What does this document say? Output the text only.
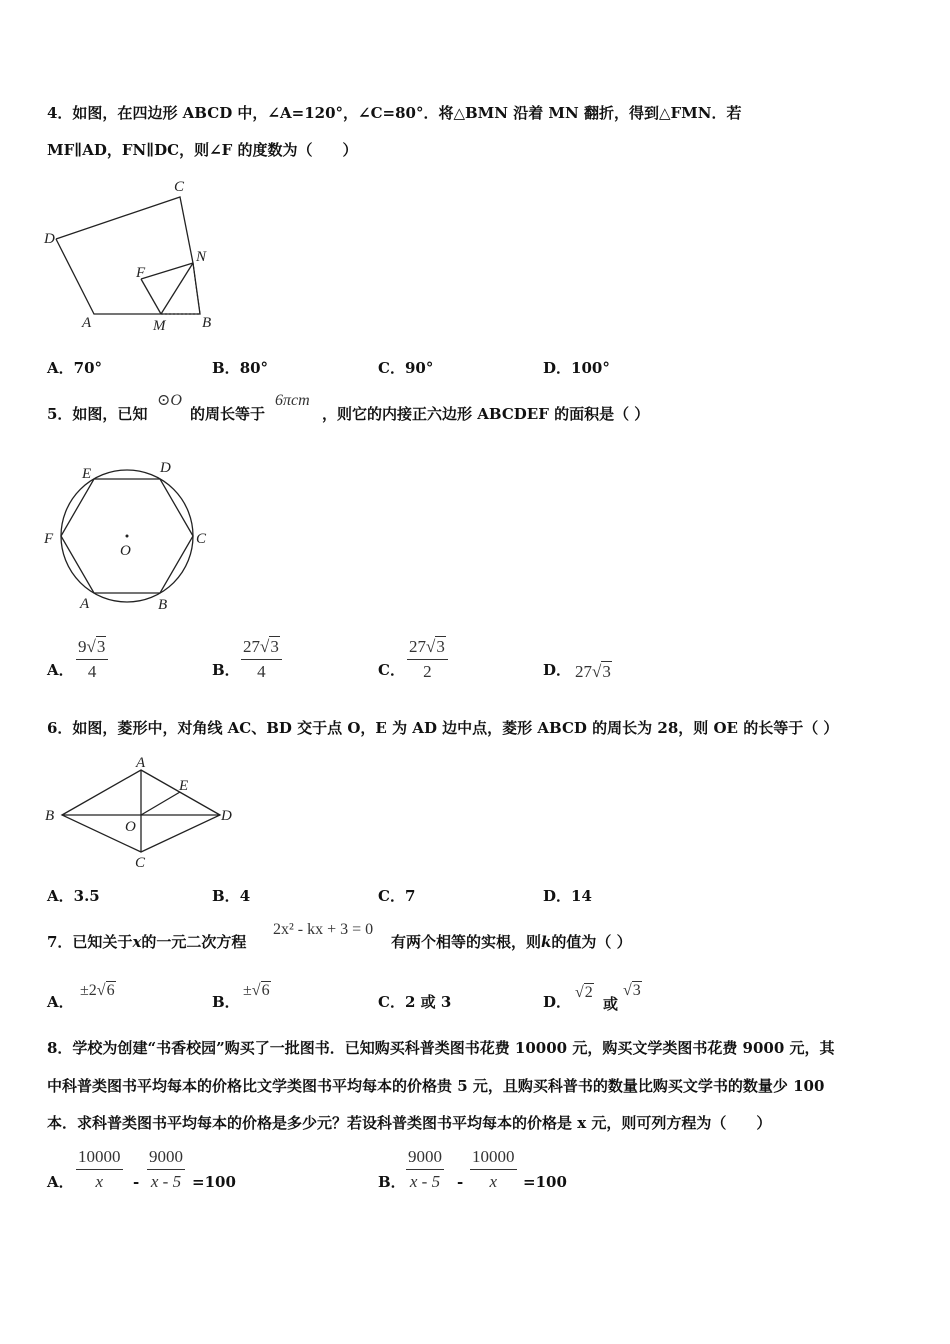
4．如图，在四边形 ABCD 中，∠A=120°，∠C=80°．将△BMN 沿着 MN 翻折，得到△FMN．若
MF∥AD，FN∥DC，则∠F 的度数为（　　）
C
D
F
N
A	M B
A．70°	B．80°	C．90°	D．100°
5．如图，已知
⊙O
的周长等于
6πcm
，则它的内接正六边形 ABCDEF 的面积是（ ）
E	D
F	C
O
A	B
A． $\frac{9√3}{4}$	B． $\frac{27√3}{4}$	C． $\frac{27√3}{2}$	D． 27√3
6．如图，菱形中，对角线 AC、BD 交于点 O，E 为 AD 边中点，菱形 ABCD 的周长为 28，则 OE 的长等于（ ）
A
E
B
O
D
C
A．3.5	B．4	C．7	D．14
7．已知关于x的一元二次方程
2x² - kx + 3 = 0
有两个相等的实根，则k的值为（ ）
A．
±2√6
B．
±√6
C．2 或 3	D．
√2
或
√3
8．学校为创建“书香校园”购买了一批图书．已知购买科普类图书花费 10000 元，购买文学类图书花费 9000 元，其
中科普类图书平均每本的价格比文学类图书平均每本的价格贵 5 元，且购买科普书的数量比购买文学书的数量少 100
本．求科普类图书平均每本的价格是多少元？若设科普类图书平均每本的价格是 x 元，则可列方程为（　　）
A． $\frac{10000}{x} - \frac{9000}{x - 5} =100$	B． $\frac{9000}{x - 5} - \frac{10000}{x} =100$
